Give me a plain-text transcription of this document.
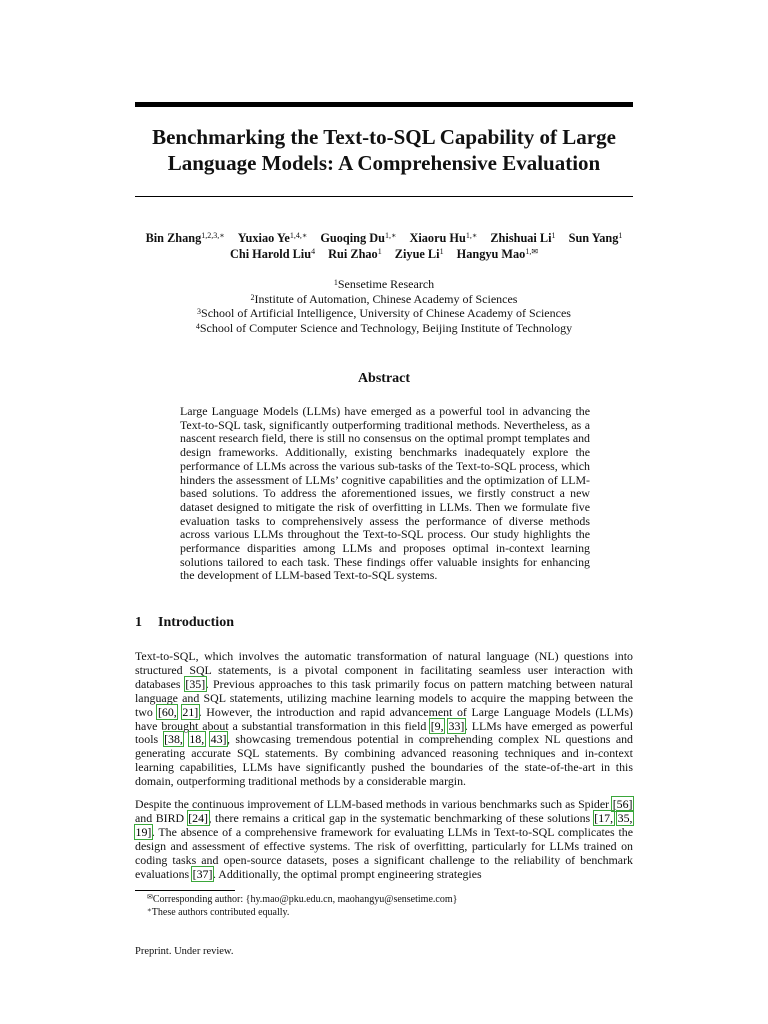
Benchmarking the Text-to-SQL Capability of Large Language Models: A Comprehensive Evaluation
Bin Zhang$^{1,2,3,∗}$ Yuxiao $Ye^{1,4,∗}$ Guoqing $Du^{1,∗}$ Xiaoru $Hu^{1,∗}$ Zhishuai Li$^1$ Sun Yang$^1$
Chi Harold Liu$^4$ Rui Zhao$^1$ Ziyue Li$^1$ Hangyu Mao$^{1,✉}$
$^1$Sensetime Research
$^2$Institute of Automation, Chinese Academy of Sciences
$^3$School of Artificial Intelligence, University of Chinese Academy of Sciences
$^4$School of Computer Science and Technology, Beijing Institute of Technology
Abstract

Large Language Models (LLMs) have emerged as a powerful tool in advancing the Text-to-SQL task, significantly outperforming traditional methods. Nevertheless, as a nascent research field, there is still no consensus on the optimal prompt templates and design frameworks. Additionally, existing benchmarks inadequately explore the performance of LLMs across the various sub-tasks of the Text-to-SQL process, which hinders the assessment of LLMs’ cognitive capabilities and the optimization of LLM-based solutions. To address the aforementioned issues, we firstly construct a new dataset designed to mitigate the risk of overfitting in LLMs. Then we formulate five evaluation tasks to comprehensively assess the performance of diverse methods across various LLMs throughout the Text-to-SQL process. Our study highlights the performance disparities among LLMs and proposes optimal in-context learning solutions tailored to each task. These findings offer valuable insights for enhancing the development of LLM-based Text-to-SQL systems.

1 Introduction

Text-to-SQL, which involves the automatic transformation of natural language (NL) questions into structured SQL statements, is a pivotal component in facilitating seamless user interaction with databases [35]. Previous approaches to this task primarily focus on pattern matching between natural language and SQL statements, utilizing machine learning models to acquire the mapping between the two [60, 21]. However, the introduction and rapid advancement of Large Language Models (LLMs) have brought about a substantial transformation in this field [9, 33]. LLMs have emerged as powerful tools [38, 18, 43], showcasing tremendous potential in comprehending complex NL questions and generating accurate SQL statements. By combining advanced reasoning techniques and in-context learning capabilities, LLMs have significantly pushed the boundaries of the state-of-the-art in this domain, outperforming traditional methods by a considerable margin.

Despite the continuous improvement of LLM-based methods in various benchmarks such as Spider [56] and BIRD [24], there remains a critical gap in the systematic benchmarking of these solutions [17, 35, 19]. The absence of a comprehensive framework for evaluating LLMs in Text-to-SQL complicates the design and assessment of effective systems. The risk of overfitting, particularly for LLMs trained on coding tasks and open-source datasets, poses a significant challenge to the reliability of benchmark evaluations [37]. Additionally, the optimal prompt engineering strategies

✉Corresponding author: {hy.mao@pku.edu.cn, maohangyu@sensetime.com}

∗These authors contributed equally.

Preprint. Under review.
